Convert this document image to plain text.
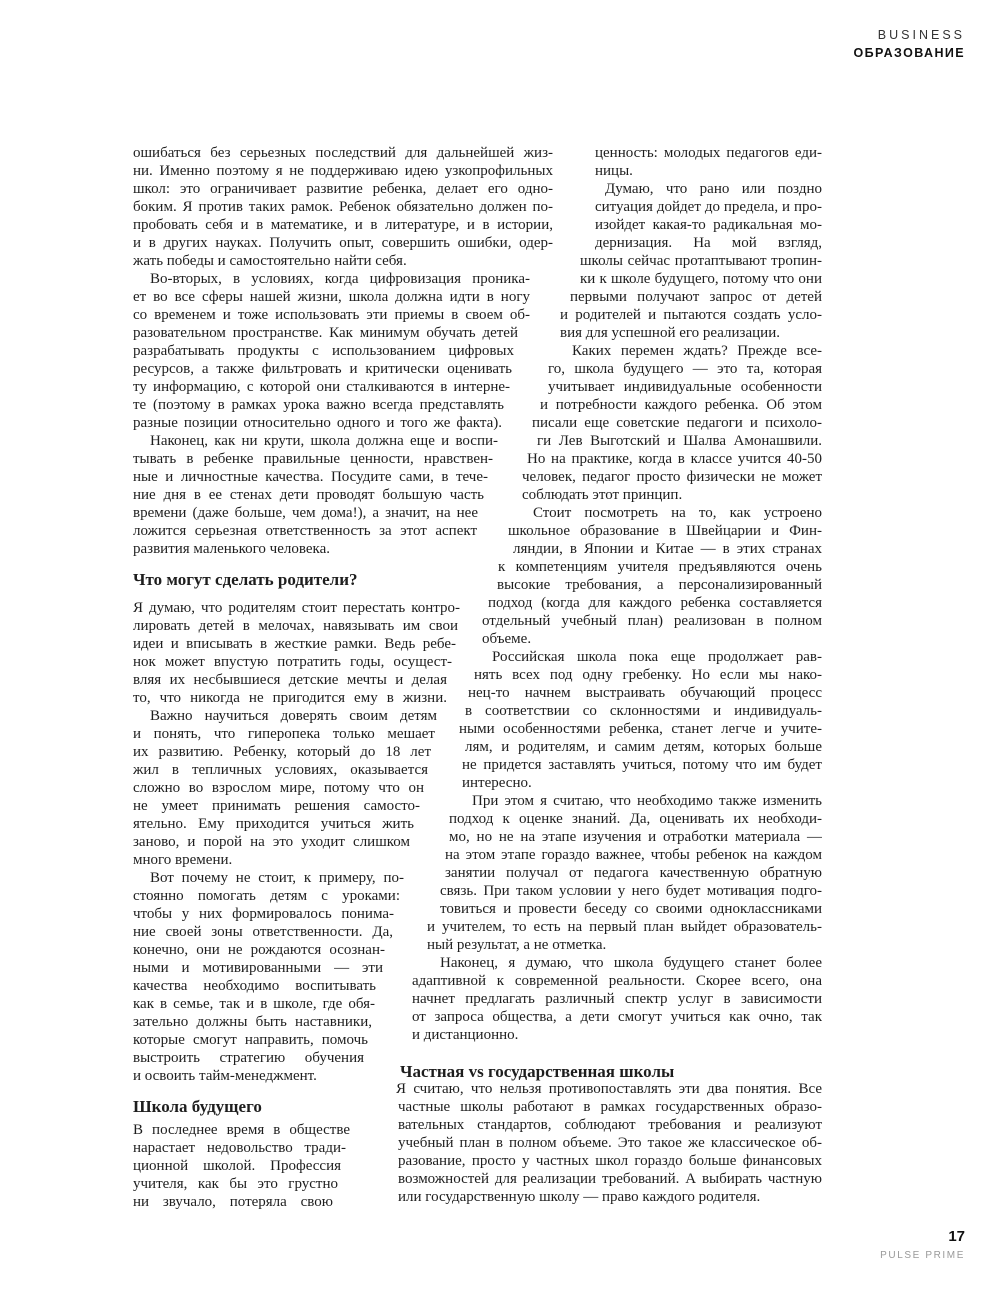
BUSINESS
ОБРАЗОВАНИЕ
ошибаться без серьезных последствий для дальнейшей жиз-
ни. Именно поэтому я не поддерживаю идею узкопрофильных
школ: это ограничивает развитие ребенка, делает его одно-
боким. Я против таких рамок. Ребенок обязательно должен по-
пробовать себя и в математике, и в литературе, и в истории,
и в других науках. Получить опыт, совершить ошибки, одер-
жать победы и самостоятельно найти себя.
Во-вторых, в условиях, когда цифровизация проника-
ет во все сферы нашей жизни, школа должна идти в ногу
со временем и тоже использовать эти приемы в своем об-
разовательном пространстве. Как минимум обучать детей
разрабатывать продукты с использованием цифровых
ресурсов, а также фильтровать и критически оценивать
ту информацию, с которой они сталкиваются в интерне-
те (поэтому в рамках урока важно всегда представлять
разные позиции относительно одного и того же факта).
Наконец, как ни крути, школа должна еще и воспи-
тывать в ребенке правильные ценности, нравствен-
ные и личностные качества. Посудите сами, в тече-
ние дня в ее стенах дети проводят большую часть
времени (даже больше, чем дома!), а значит, на нее
ложится серьезная ответственность за этот аспект
развития маленького человека.
Я думаю, что родителям стоит перестать контро-
лировать детей в мелочах, навязывать им свои
идеи и вписывать в жесткие рамки. Ведь ребе-
нок может впустую потратить годы, осущест-
вляя их несбывшиеся детские мечты и делая
то, что никогда не пригодится ему в жизни.
Важно научиться доверять своим детям
и понять, что гиперопека только мешает
их развитию. Ребенку, который до 18 лет
жил в тепличных условиях, оказывается
сложно во взрослом мире, потому что он
не умеет принимать решения самосто-
ятельно. Ему приходится учиться жить
заново, и порой на это уходит слишком
много времени.
Вот почему не стоит, к примеру, по-
стоянно помогать детям с уроками:
чтобы у них формировалось понима-
ние своей зоны ответственности. Да,
конечно, они не рождаются осознан-
ными и мотивированными — эти
качества необходимо воспитывать
как в семье, так и в школе, где обя-
зательно должны быть наставники,
которые смогут направить, помочь
выстроить стратегию обучения
и освоить тайм-менеджмент.
В последнее время в обществе
нарастает недовольство тради-
ционной школой. Профессия
учителя, как бы это грустно
ни звучало, потеряла свою
ценность: молодых педагогов еди-
ницы.
Думаю, что рано или поздно
ситуация дойдет до предела, и про-
изойдет какая-то радикальная мо-
дернизация. На мой взгляд,
школы сейчас протаптывают тропин-
ки к школе будущего, потому что они
первыми получают запрос от детей
и родителей и пытаются создать усло-
вия для успешной его реализации.
Каких перемен ждать? Прежде все-
го, школа будущего — это та, которая
учитывает индивидуальные особенности
и потребности каждого ребенка. Об этом
писали еще советские педагоги и психоло-
ги Лев Выготский и Шалва Амонашвили.
Но на практике, когда в классе учится 40-50
человек, педагог просто физически не может
соблюдать этот принцип.
Стоит посмотреть на то, как устроено
школьное образование в Швейцарии и Фин-
ляндии, в Японии и Китае — в этих странах
к компетенциям учителя предъявляются очень
высокие требования, а персонализированный
подход (когда для каждого ребенка составляется
отдельный учебный план) реализован в полном
объеме.
Российская школа пока еще продолжает рав-
нять всех под одну гребенку. Но если мы нако-
нец-то начнем выстраивать обучающий процесс
в соответствии со склонностями и индивидуаль-
ными особенностями ребенка, станет легче и учите-
лям, и родителям, и самим детям, которых больше
не придется заставлять учиться, потому что им будет
интересно.
При этом я считаю, что необходимо также изменить
подход к оценке знаний. Да, оценивать их необходи-
мо, но не на этапе изучения и отработки материала —
на этом этапе гораздо важнее, чтобы ребенок на каждом
занятии получал от педагога качественную обратную
связь. При таком условии у него будет мотивация подго-
товиться и провести беседу со своими одноклассниками
и учителем, то есть на первый план выйдет образователь-
ный результат, а не отметка.
Наконец, я думаю, что школа будущего станет более
адаптивной к современной реальности. Скорее всего, она
начнет предлагать различный спектр услуг в зависимости
от запроса общества, а дети смогут учиться как очно, так
и дистанционно.
Я считаю, что нельзя противопоставлять эти два понятия. Все
частные школы работают в рамках государственных образо-
вательных стандартов, соблюдают требования и реализуют
учебный план в полном объеме. Это такое же классическое об-
разование, просто у частных школ гораздо больше финансовых
возможностей для реализации требований. А выбирать частную
или государственную школу — право каждого родителя.
Что могут сделать родители?
Школа будущего
Частная vs государственная школы
17
PULSE PRIME
